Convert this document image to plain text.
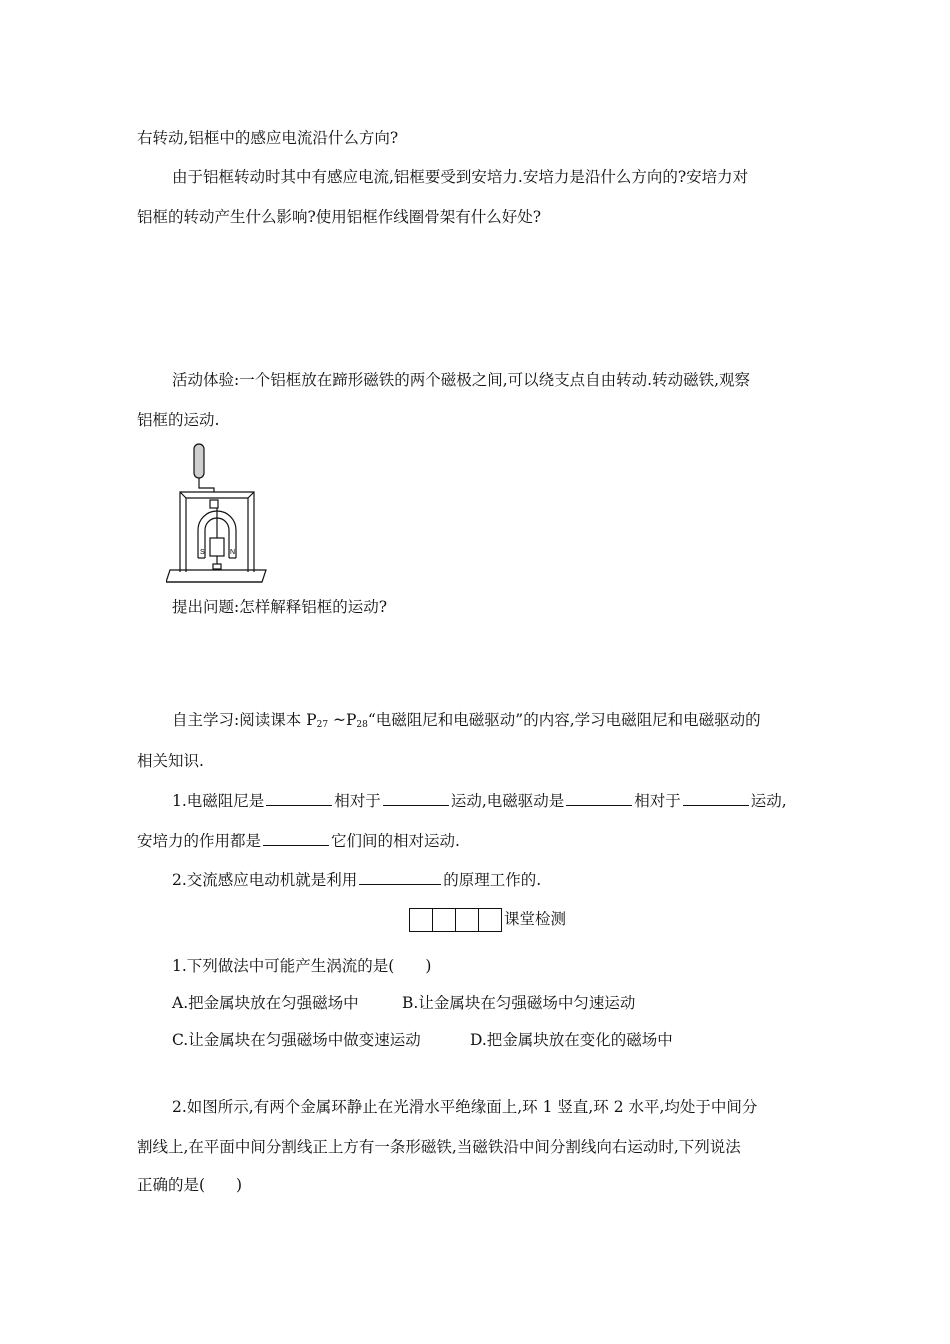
右转动,铝框中的感应电流沿什么方向?
由于铝框转动时其中有感应电流,铝框要受到安培力.安培力是沿什么方向的?安培力对
铝框的转动产生什么影响?使用铝框作线圈骨架有什么好处?
活动体验:一个铝框放在蹄形磁铁的两个磁极之间,可以绕支点自由转动.转动磁铁,观察
铝框的运动.
S	N
提出问题:怎样解释铝框的运动?
自主学习:阅读课本 $P_{27}$ $\sim P_{28}“$电磁阻尼和电磁驱动”的内容,学习电磁阻尼和电磁驱动的
相关知识.
1.电磁阻尼是	相对于	运动,电磁驱动是	相对于	运动,
安培力的作用都是	它们间的相对运动.
2.交流感应电动机就是利用	的原理工作的.
课堂检测
1.下列做法中可能产生涡流的是(　　)
A.把金属块放在匀强磁场中	B.让金属块在匀强磁场中匀速运动
C.让金属块在匀强磁场中做变速运动	D.把金属块放在变化的磁场中
2.如图所示,有两个金属环静止在光滑水平绝缘面上,环 1 竖直,环 2 水平,均处于中间分
割线上,在平面中间分割线正上方有一条形磁铁,当磁铁沿中间分割线向右运动时,下列说法
正确的是(　　)
